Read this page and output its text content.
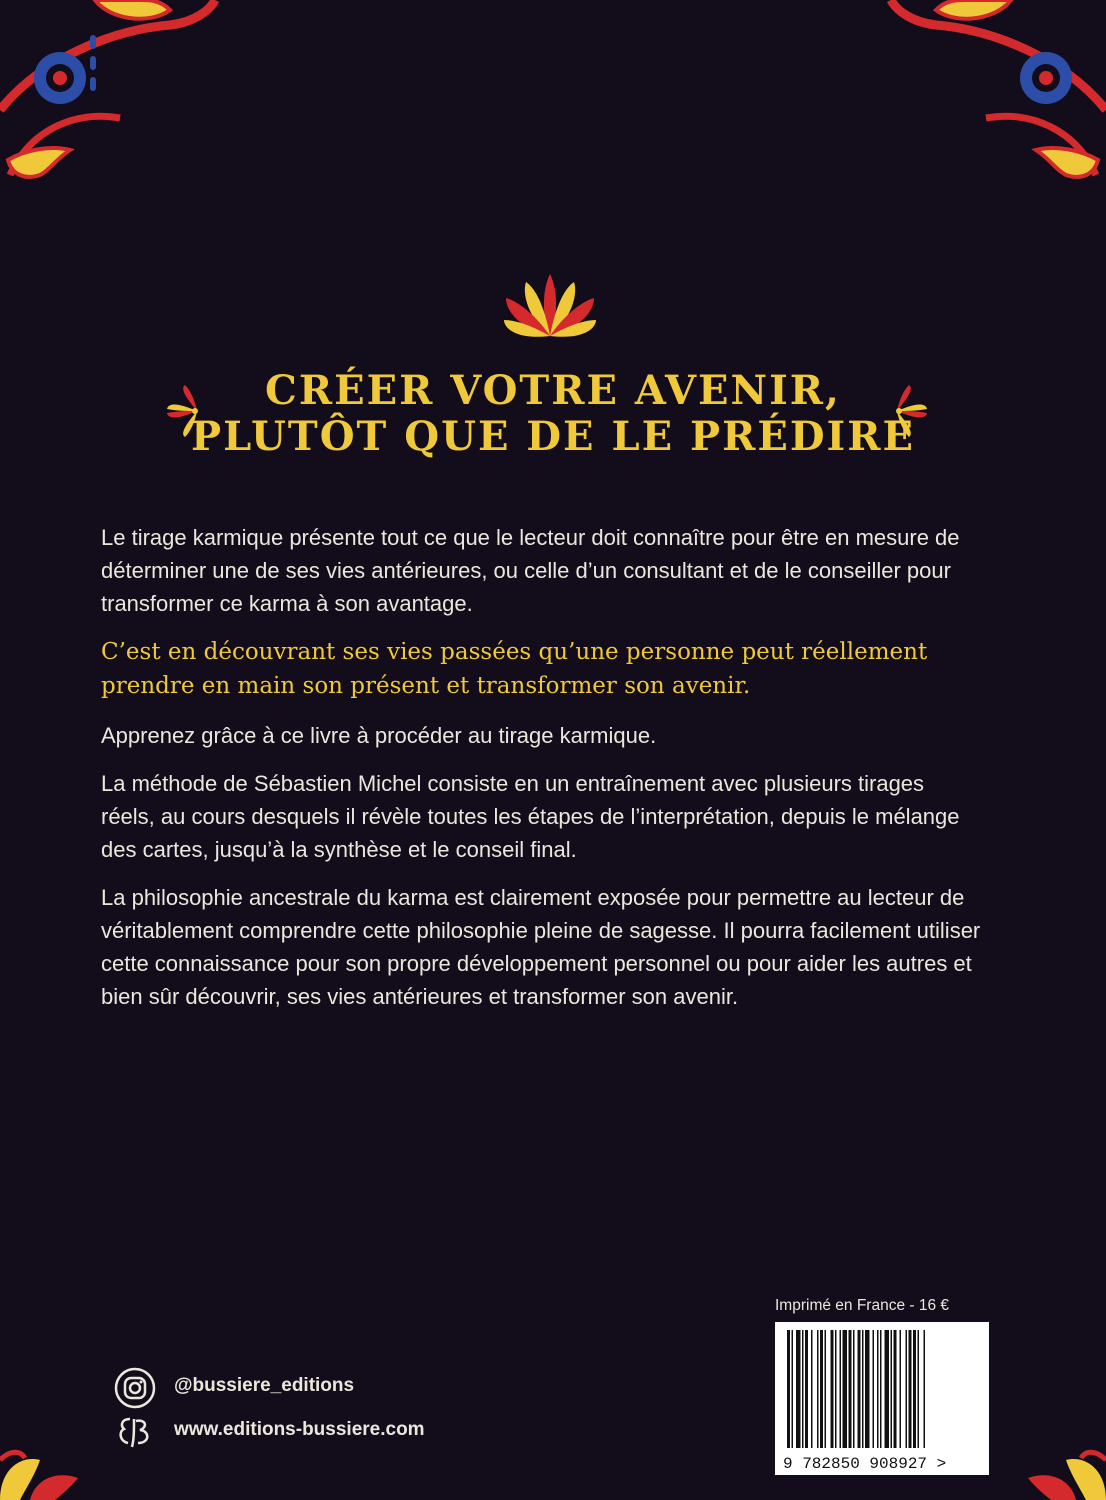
CRÉER VOTRE AVENIR,
PLUTÔT QUE DE LE PRÉDIRE

Le tirage karmique présente tout ce que le lecteur doit connaître pour être en mesure de déterminer une de ses vies antérieures, ou celle d’un consultant et de le conseiller pour transformer ce karma à son avantage.

C’est en découvrant ses vies passées qu’une personne peut réellement prendre en main son présent et transformer son avenir.

Apprenez grâce à ce livre à procéder au tirage karmique.

La méthode de Sébastien Michel consiste en un entraînement avec plusieurs tirages réels, au cours desquels il révèle toutes les étapes de l’interprétation, depuis le mélange des cartes, jusqu’à la synthèse et le conseil final.

La philosophie ancestrale du karma est clairement exposée pour permettre au lecteur de véritablement comprendre cette philosophie pleine de sagesse. Il pourra facilement utiliser cette connaissance pour son propre développement personnel ou pour aider les autres et bien sûr découvrir, ses vies antérieures et transformer son avenir.

Imprimé en France - 16 €
9 782850 908927 >
@bussiere_editions
www.editions-bussiere.com
